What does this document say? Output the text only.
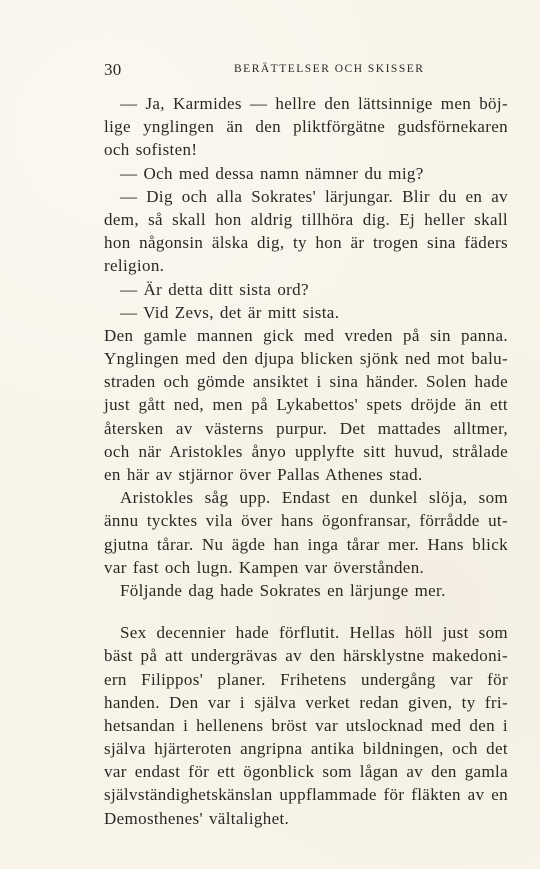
30	BERÄTTELSER OCH SKISSER
— Ja, Karmides — hellre den lättsinnige men böj-
lige ynglingen än den pliktförgätne gudsförnekaren
och sofisten!
— Och med dessa namn nämner du mig?
— Dig och alla Sokrates' lärjungar. Blir du en av
dem, så skall hon aldrig tillhöra dig. Ej heller skall
hon någonsin älska dig, ty hon är trogen sina fäders
religion.
— Är detta ditt sista ord?
— Vid Zevs, det är mitt sista.
Den gamle mannen gick med vreden på sin panna.
Ynglingen med den djupa blicken sjönk ned mot balu-
straden och gömde ansiktet i sina händer. Solen hade
just gått ned, men på Lykabettos' spets dröjde än ett
återsken av västerns purpur. Det mattades alltmer,
och när Aristokles ånyo upplyfte sitt huvud, strålade
en här av stjärnor över Pallas Athenes stad.
Aristokles såg upp. Endast en dunkel slöja, som
ännu tycktes vila över hans ögonfransar, förrådde ut-
gjutna tårar. Nu ägde han inga tårar mer. Hans blick
var fast och lugn. Kampen var överstånden.
Följande dag hade Sokrates en lärjunge mer.
Sex decennier hade förflutit. Hellas höll just som
bäst på att undergrävas av den härsklystne makedoni-
ern Filippos' planer. Frihetens undergång var för
handen. Den var i själva verket redan given, ty fri-
hetsandan i hellenens bröst var utslocknad med den i
själva hjärteroten angripna antika bildningen, och det
var endast för ett ögonblick som lågan av den gamla
självständighetskänslan uppflammade för fläkten av en
Demosthenes' vältalighet.
